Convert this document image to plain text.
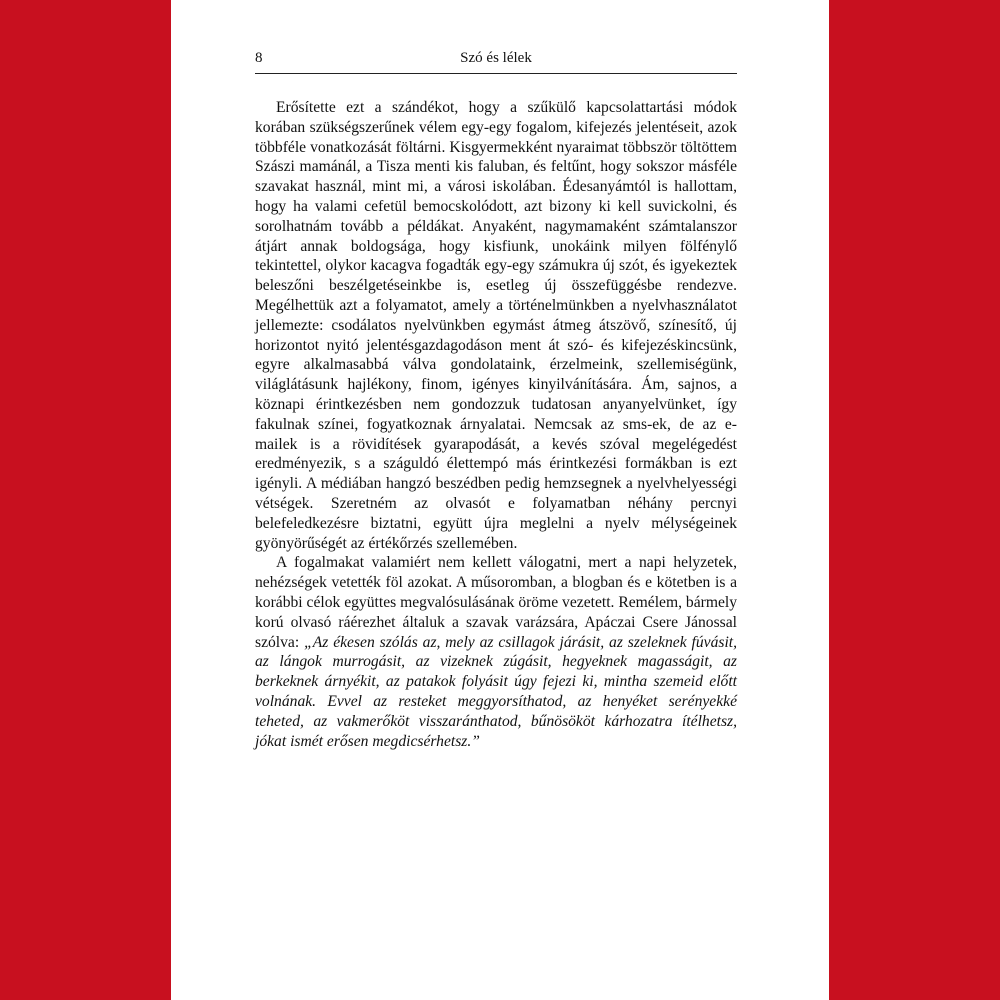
8	Szó és lélek

Erősítette ezt a szándékot, hogy a szűkülő kapcsolattartási módok korában szükségszerűnek vélem egy-egy fogalom, kifejezés jelentéseit, azok többféle vonatkozását föltárni. Kisgyermekként nyaraimat többször töltöttem Szászi mamánál, a Tisza menti kis faluban, és feltűnt, hogy sokszor másféle szavakat használ, mint mi, a városi iskolában. Édesanyámtól is hallottam, hogy ha valami cefetül bemocskolódott, azt bizony ki kell suvickolni, és sorolhatnám tovább a példákat. Anyaként, nagymamaként számtalanszor átjárt annak boldogsága, hogy kisfiunk, unokáink milyen fölfénylő tekintettel, olykor kacagva fogadták egy-egy számukra új szót, és igyekeztek beleszőni beszélgetéseinkbe is, esetleg új összefüggésbe rendezve. Megélhettük azt a folyamatot, amely a történelmünkben a nyelvhasználatot jellemezte: csodálatos nyelvünkben egymást átmeg átszövő, színesítő, új horizontot nyitó jelentésgazdagodáson ment át szó- és kifejezéskincsünk, egyre alkalmasabbá válva gondolataink, érzelmeink, szellemiségünk, világlátásunk hajlékony, finom, igényes kinyilvánítására. Ám, sajnos, a köznapi érintkezésben nem gondozzuk tudatosan anyanyelvünket, így fakulnak színei, fogyatkoznak árnyalatai. Nemcsak az sms-ek, de az e-mailek is a rövidítések gyarapodását, a kevés szóval megelégedést eredményezik, s a száguldó élettempó más érintkezési formákban is ezt igényli. A médiában hangzó beszédben pedig hemzsegnek a nyelvhelyességi vétségek. Szeretném az olvasót e folyamatban néhány percnyi belefeledkezésre biztatni, együtt újra meglelni a nyelv mélységeinek gyönyörűségét az értékőrzés szellemében.

A fogalmakat valamiért nem kellett válogatni, mert a napi helyzetek, nehézségek vetették föl azokat. A műsoromban, a blogban és e kötetben is a korábbi célok együttes megvalósulásának öröme vezetett. Remélem, bármely korú olvasó ráérezhet általuk a szavak varázsára, Apáczai Csere Jánossal szólva: „Az ékesen szólás az, mely az csillagok járásit, az szeleknek fúvásit, az lángok murrogásit, az vizeknek zúgásit, hegyeknek magasságit, az berkeknek árnyékit, az patakok folyásit úgy fejezi ki, mintha szemeid előtt volnának. Evvel az resteket meggyorsíthatod, az henyéket serényekké teheted, az vakmerőköt visszaránthatod, bűnösököt kárhozatra ítélhetsz, jókat ismét erősen megdicsérhetsz.”
